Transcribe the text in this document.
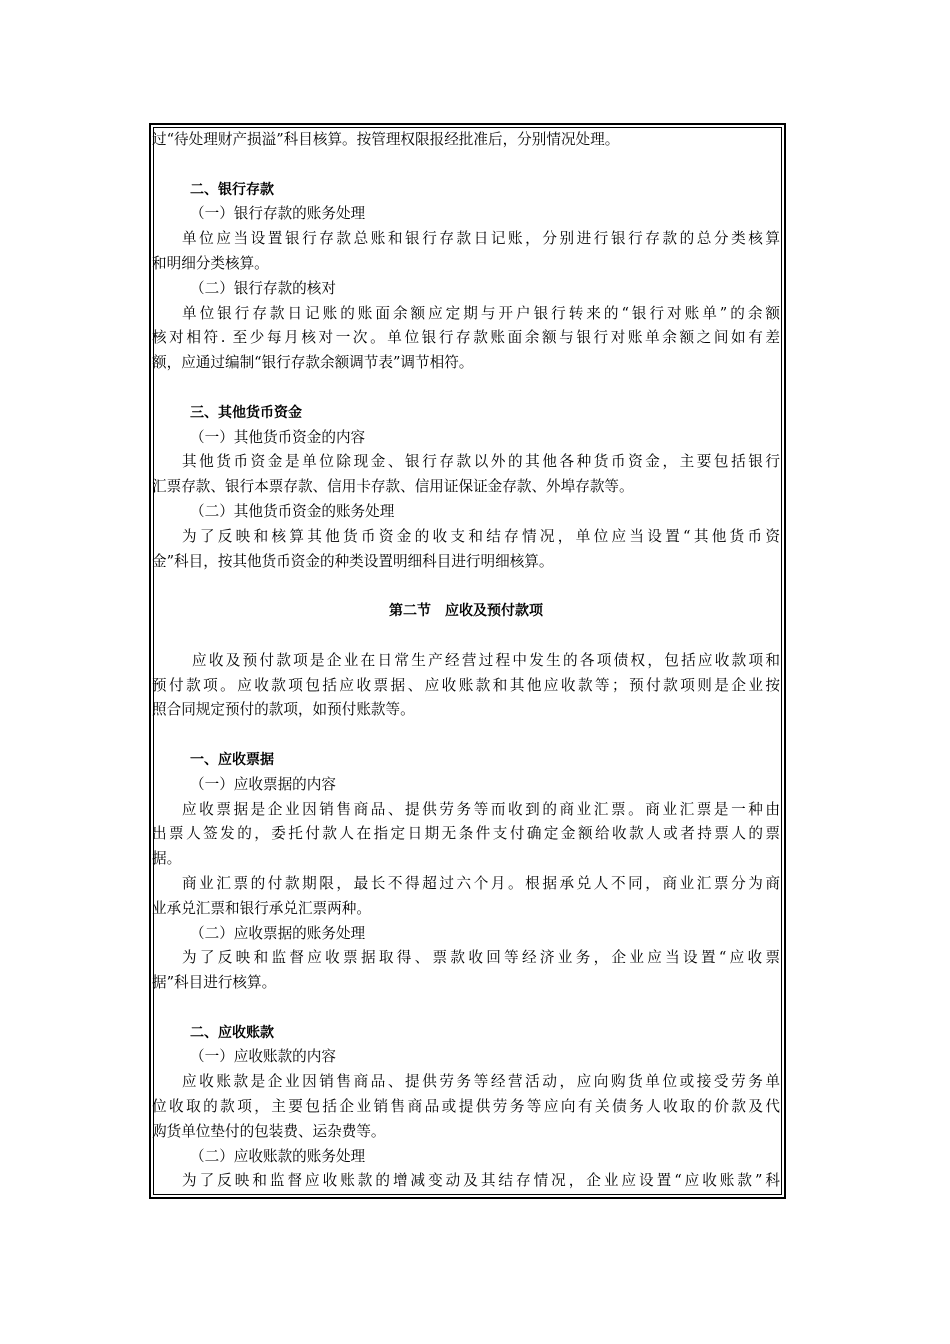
过“待处理财产损溢”科目核算。按管理权限报经批准后，分别情况处理。
二、银行存款
（一）银行存款的账务处理
单位应当设置银行存款总账和银行存款日记账，分别进行银行存款的总分类核算
和明细分类核算。
（二）银行存款的核对
单位银行存款日记账的账面余额应定期与开户银行转来的“银行对账单”的余额
核对相符. 至少每月核对一次。单位银行存款账面余额与银行对账单余额之间如有差
额，应通过编制“银行存款余额调节表”调节相符。
三、其他货币资金
（一）其他货币资金的内容
其他货币资金是单位除现金、银行存款以外的其他各种货币资金，主要包括银行
汇票存款、银行本票存款、信用卡存款、信用证保证金存款、外埠存款等。
（二）其他货币资金的账务处理
为了反映和核算其他货币资金的收支和结存情况，单位应当设置“其他货币资
金”科目，按其他货币资金的种类设置明细科目进行明细核算。
第二节　应收及预付款项
应收及预付款项是企业在日常生产经营过程中发生的各项债权，包括应收款项和
预付款项。应收款项包括应收票据、应收账款和其他应收款等；预付款项则是企业按
照合同规定预付的款项，如预付账款等。
一、应收票据
（一）应收票据的内容
应收票据是企业因销售商品、提供劳务等而收到的商业汇票。商业汇票是一种由
出票人签发的，委托付款人在指定日期无条件支付确定金额给收款人或者持票人的票
据。
商业汇票的付款期限，最长不得超过六个月。根据承兑人不同，商业汇票分为商
业承兑汇票和银行承兑汇票两种。
（二）应收票据的账务处理
为了反映和监督应收票据取得、票款收回等经济业务，企业应当设置“应收票
据”科目进行核算。
二、应收账款
（一）应收账款的内容
应收账款是企业因销售商品、提供劳务等经营活动，应向购货单位或接受劳务单
位收取的款项，主要包括企业销售商品或提供劳务等应向有关债务人收取的价款及代
购货单位垫付的包装费、运杂费等。
（二）应收账款的账务处理
为了反映和监督应收账款的增减变动及其结存情况，企业应设置“应收账款”科
